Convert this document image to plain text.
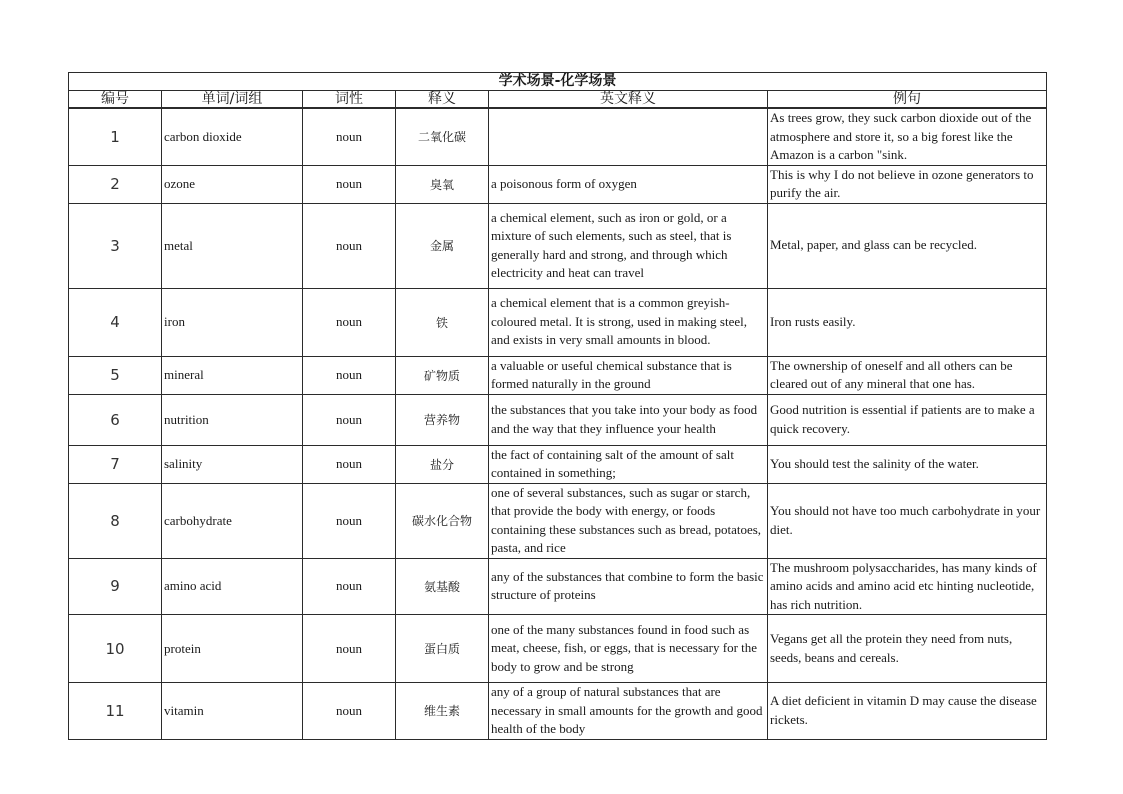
学术场景-化学场景					
编号	单词/词组	词性	释义	英文释义	例句
1	carbon dioxide	noun	二氧化碳		As trees grow, they suck carbon dioxide out of the atmosphere and store it, so a big forest like the Amazon is a carbon "sink.
2	ozone	noun	臭氧	a poisonous form of oxygen	This is why I do not believe in ozone generators to purify the air.
3	metal	noun	金属	a chemical element, such as iron or gold, or a mixture of such elements, such as steel, that is generally hard and strong, and through which electricity and heat can travel	Metal, paper, and glass can be recycled.
4	iron	noun	铁	a chemical element that is a common greyish-coloured metal. It is strong, used in making steel, and exists in very small amounts in blood.	Iron rusts easily.
5	mineral	noun	矿物质	a valuable or useful chemical substance that is formed naturally in the ground	The ownership of oneself and all others can be cleared out of any mineral that one has.
6	nutrition	noun	营养物	the substances that you take into your body as food and the way that they influence your health	Good nutrition is essential if patients are to make a quick recovery.
7	salinity	noun	盐分	the fact of containing salt of the amount of salt contained in something;	You should test the salinity of the water.
8	carbohydrate	noun	碳水化合物	one of several substances, such as sugar or starch, that provide the body with energy, or foods containing these substances such as bread, potatoes, pasta, and rice	You should not have too much carbohydrate in your diet.
9	amino acid	noun	氨基酸	any of the substances that combine to form the basic structure of proteins	The mushroom polysaccharides, has many kinds of amino acids and amino acid etc hinting nucleotide, has rich nutrition.
10	protein	noun	蛋白质	one of the many substances found in food such as meat, cheese, fish, or eggs, that is necessary for the body to grow and be strong	Vegans get all the protein they need from nuts, seeds, beans and cereals.
11	vitamin	noun	维生素	any of a group of natural substances that are necessary in small amounts for the growth and good health of the body	A diet deficient in vitamin D may cause the disease rickets.
